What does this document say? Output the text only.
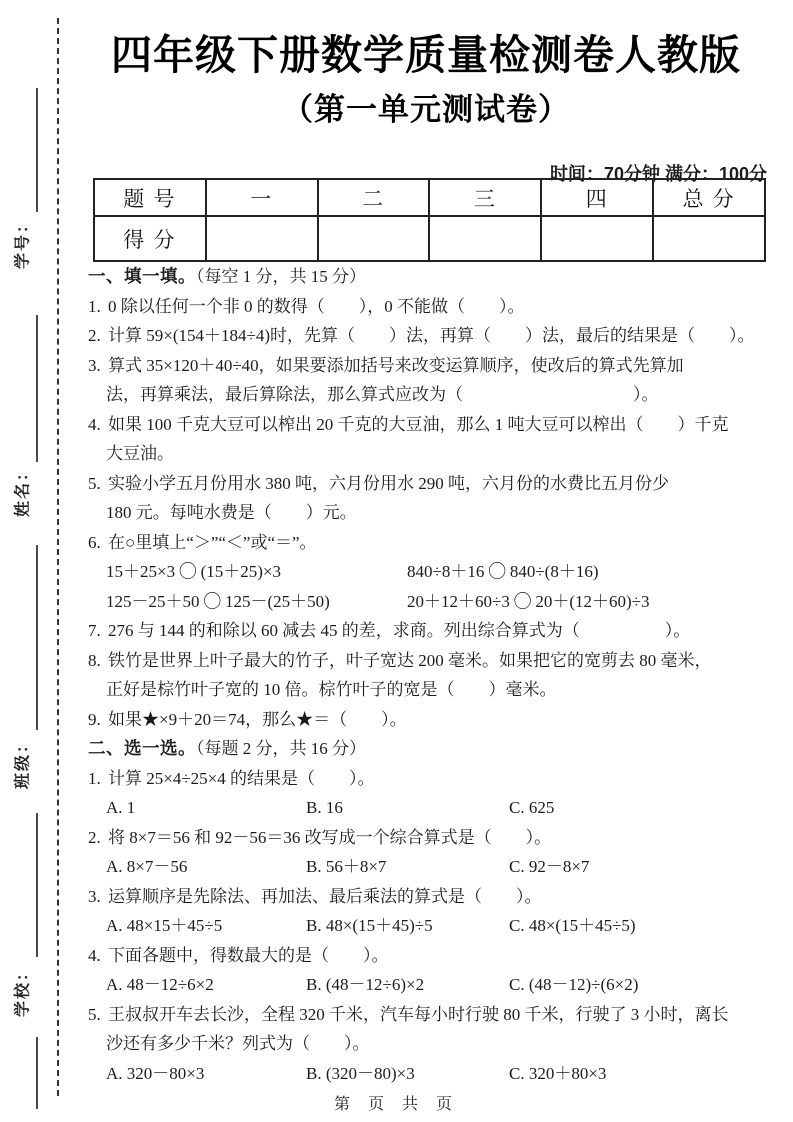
学号：
姓名：
班级：
学校：
四年级下册数学质量检测卷人教版
（第一单元测试卷）
时间：70分钟 满分：100分
题 号	一	二	三	四	总 分
得 分					
一、填一填。（每空 1 分，共 15 分）
1. 0 除以任何一个非 0 的数得（　　），0 不能做（　　）。
2. 计算 59×(154＋184÷4)时，先算（　　）法，再算（　　）法，最后的结果是（　　）。
3. 算式 35×120＋40÷40，如果要添加括号来改变运算顺序，使改后的算式先算加
法，再算乘法，最后算除法，那么算式应改为（　　　　　　　　　　）。
4. 如果 100 千克大豆可以榨出 20 千克的大豆油，那么 1 吨大豆可以榨出（　　）千克
大豆油。
5. 实验小学五月份用水 380 吨，六月份用水 290 吨，六月份的水费比五月份少
180 元。每吨水费是（　　）元。
6. 在○里填上“＞”“＜”或“＝”。
15＋25×3 ◯ (15＋25)×3	840÷8＋16 ◯ 840÷(8＋16)
125－25＋50 ◯ 125－(25＋50)	20＋12＋60÷3 ◯ 20＋(12＋60)÷3
7. 276 与 144 的和除以 60 减去 45 的差，求商。列出综合算式为（　　　　　）。
8. 铁竹是世界上叶子最大的竹子，叶子宽达 200 毫米。如果把它的宽剪去 80 毫米，
正好是棕竹叶子宽的 10 倍。棕竹叶子的宽是（　　）毫米。
9. 如果★×9＋20＝74，那么★＝（　　）。
二、选一选。（每题 2 分，共 16 分）
1. 计算 25×4÷25×4 的结果是（　　）。
A. 1	B. 16	C. 625
2. 将 8×7＝56 和 92－56＝36 改写成一个综合算式是（　　）。
A. 8×7－56	B. 56＋8×7	C. 92－8×7
3. 运算顺序是先除法、再加法、最后乘法的算式是（　　）。
A. 48×15＋45÷5	B. 48×(15＋45)÷5	C. 48×(15＋45÷5)
4. 下面各题中，得数最大的是（　　）。
A. 48－12÷6×2	B. (48－12÷6)×2	C. (48－12)÷(6×2)
5. 王叔叔开车去长沙，全程 320 千米，汽车每小时行驶 80 千米，行驶了 3 小时，离长
沙还有多少千米？列式为（　　）。
A. 320－80×3	B. (320－80)×3	C. 320＋80×3
第 页 共 页
